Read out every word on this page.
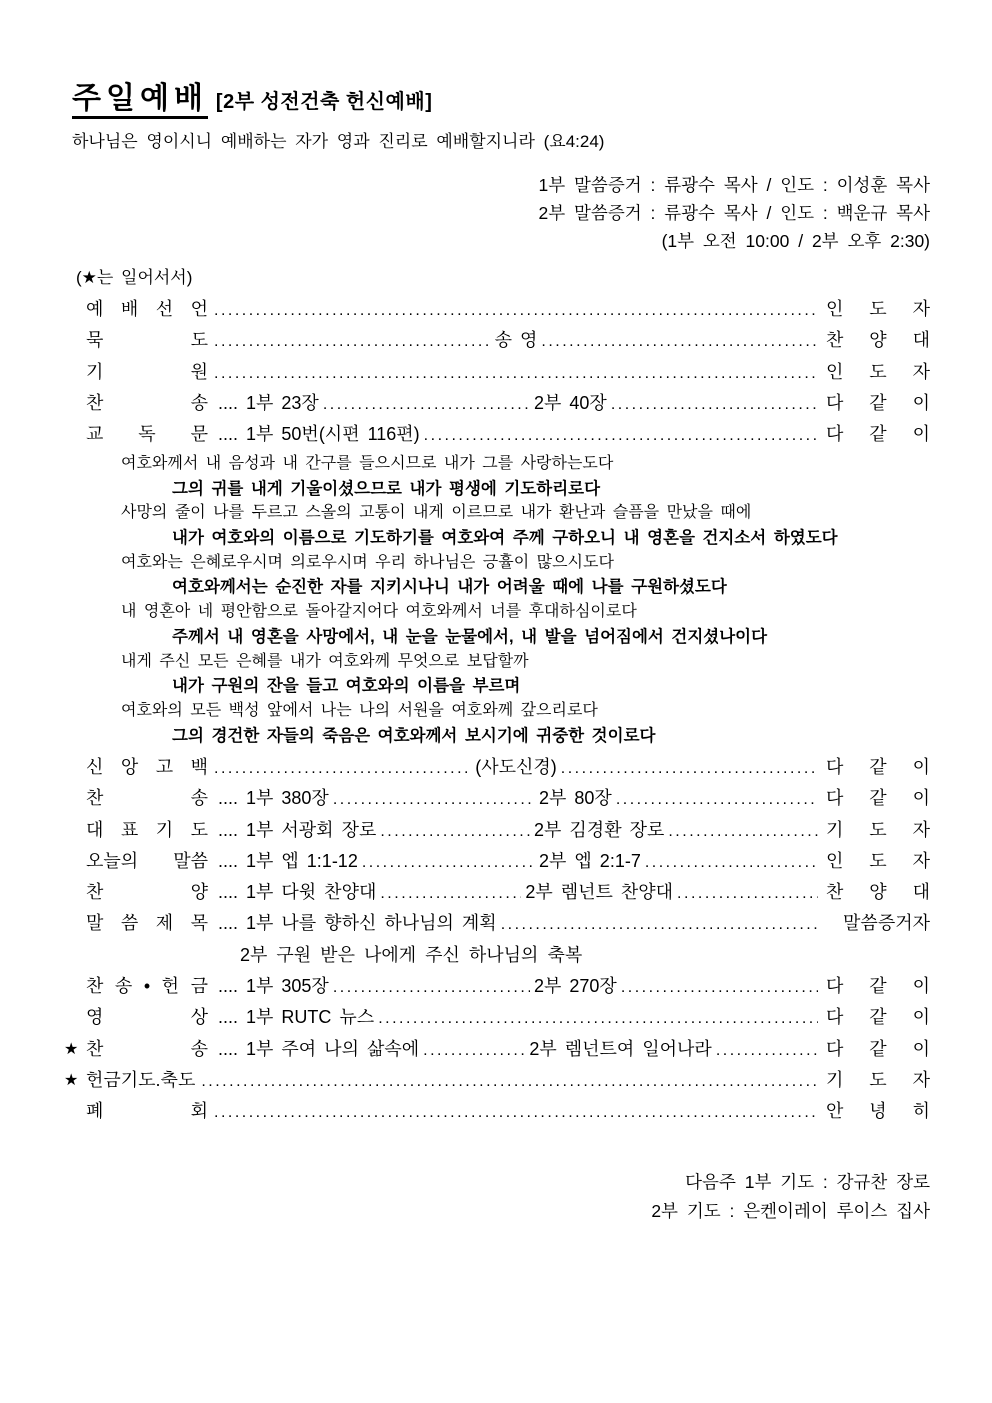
주일예배 [2부 성전건축 헌신예배]
하나님은 영이시니 예배하는 자가 영과 진리로 예배할지니라 (요4:24)
1부 말씀증거 : 류광수 목사 / 인도 : 이성훈 목사
2부 말씀증거 : 류광수 목사 / 인도 : 백운규 목사
(1부 오전 10:00 / 2부 오후 2:30)
(★는 일어서서)
예 배 선 언 .....	인 도 자
묵 도 .....	송 영 .....	찬 양 대
기 원 .....	인 도 자
찬 송 .... 1부 23장 .....	2부 40장 .....	다 같 이
교 독 문 .... 1부 50번(시편 116편) .....	다 같 이
여호와께서 내 음성과 내 간구를 들으시므로 내가 그를 사랑하는도다
그의 귀를 내게 기울이셨으므로 내가 평생에 기도하리로다
사망의 줄이 나를 두르고 스올의 고통이 내게 이르므로 내가 환난과 슬픔을 만났을 때에
내가 여호와의 이름으로 기도하기를 여호와여 주께 구하오니 내 영혼을 건지소서 하였도다
여호와는 은혜로우시며 의로우시며 우리 하나님은 긍휼이 많으시도다
여호와께서는 순진한 자를 지키시나니 내가 어려울 때에 나를 구원하셨도다
내 영혼아 네 평안함으로 돌아갈지어다 여호와께서 너를 후대하심이로다
주께서 내 영혼을 사망에서, 내 눈을 눈물에서, 내 발을 넘어짐에서 건지셨나이다
내게 주신 모든 은혜를 내가 여호와께 무엇으로 보답할까
내가 구원의 잔을 들고 여호와의 이름을 부르며
여호와의 모든 백성 앞에서 나는 나의 서원을 여호와께 갚으리로다
그의 경건한 자들의 죽음은 여호와께서 보시기에 귀중한 것이로다
신 앙 고 백 .....	(사도신경) .....	다 같 이
찬 송 .... 1부 380장 .....	2부 80장 .....	다 같 이
대 표 기 도 .... 1부 서광회 장로 .....	2부 김경환 장로 .....	기 도 자
오늘의 말씀 .... 1부 엡 1:1-12 .....	2부 엡 2:1-7 .....	인 도 자
찬 양 .... 1부 다윗 찬양대 .....	2부 렘넌트 찬양대 .....	찬 양 대
말 씀 제 목 .... 1부 나를 향하신 하나님의 계획 .....	말씀증거자
2부 구원 받은 나에게 주신 하나님의 축복
찬 송 • 헌 금 .... 1부 305장 .....	2부 270장 .....	다 같 이
영 상 .... 1부 RUTC 뉴스 .....	다 같 이
★ 찬 송 .... 1부 주여 나의 삶속에 .....	2부 렘넌트여 일어나라 .....	다 같 이
★ 헌금기도.축도 .....	기 도 자
폐 회 .....	안 녕 히
다음주 1부 기도 : 강규찬 장로
2부 기도 : 은켄이레이 루이스 집사
